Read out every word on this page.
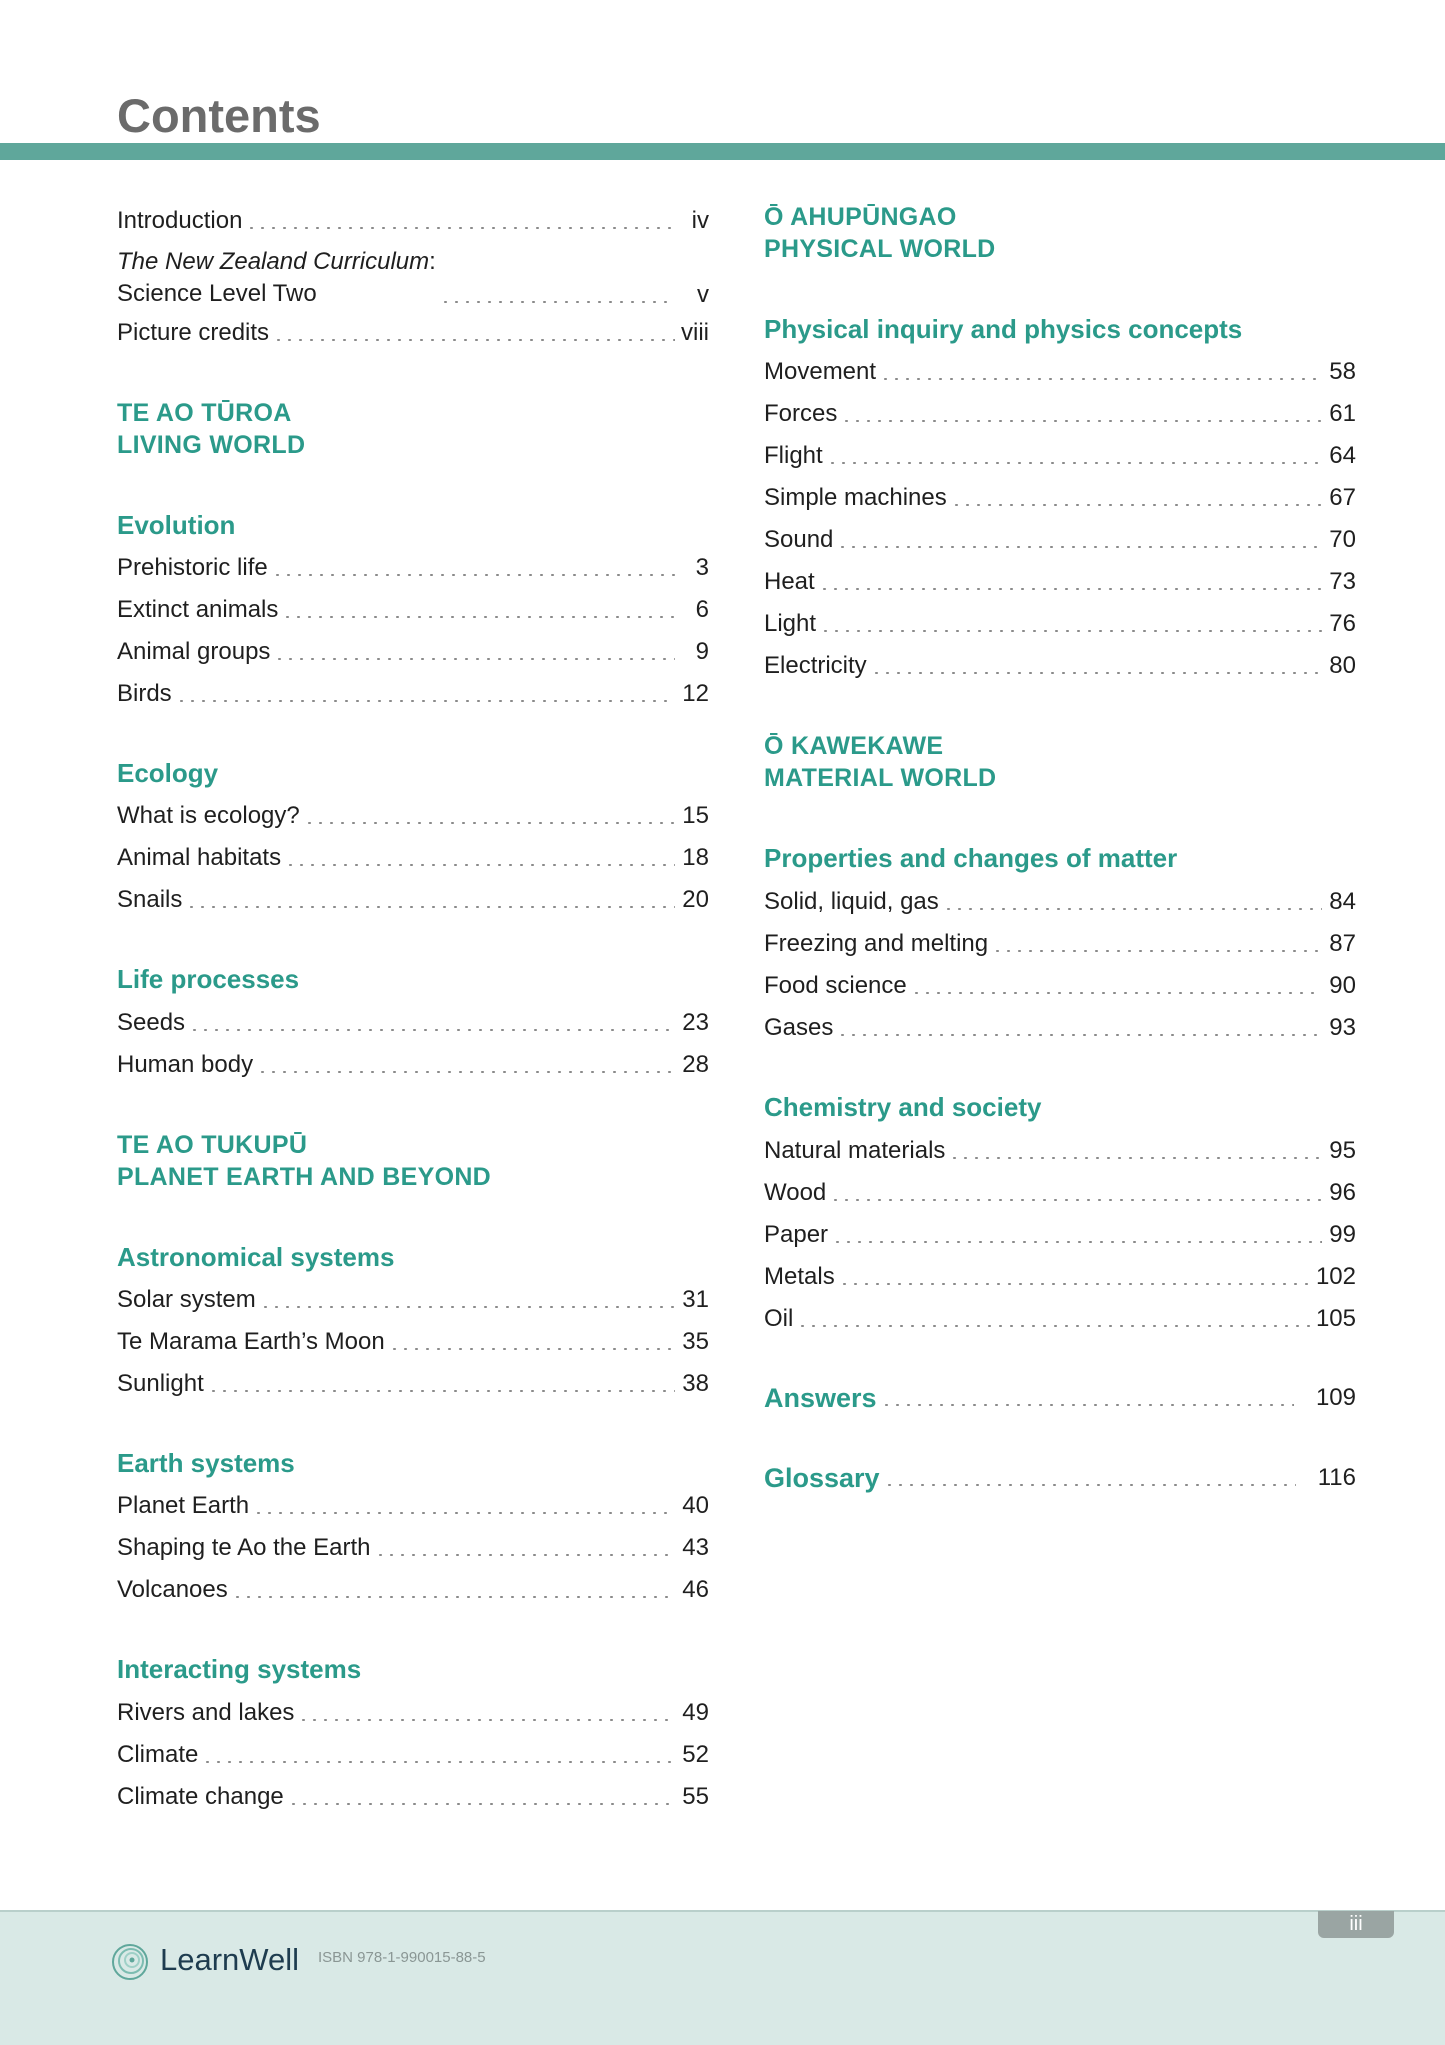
Contents
Introduction	iv
The New Zealand Curriculum:
Science Level Two	v
Picture credits	viii
TE AO TŪROA
LIVING WORLD
Evolution
Prehistoric life	3
Extinct animals	6
Animal groups	9
Birds	12
Ecology
What is ecology?	15
Animal habitats	18
Snails	20
Life processes
Seeds	23
Human body	28
TE AO TUKUPŪ
PLANET EARTH AND BEYOND
Astronomical systems
Solar system	31
Te Marama Earth’s Moon	35
Sunlight	38
Earth systems
Planet Earth	40
Shaping te Ao the Earth	43
Volcanoes	46
Interacting systems
Rivers and lakes	49
Climate	52
Climate change	55
Ō AHUPŪNGAO
PHYSICAL WORLD
Physical inquiry and physics concepts
Movement	58
Forces	61
Flight	64
Simple machines	67
Sound	70
Heat	73
Light	76
Electricity	80
Ō KAWEKAWE
MATERIAL WORLD
Properties and changes of matter
Solid, liquid, gas	84
Freezing and melting	87
Food science	90
Gases	93
Chemistry and society
Natural materials	95
Wood	96
Paper	99
Metals	102
Oil	105
Answers	109
Glossary	116
iii
LearnWell ISBN 978-1-990015-88-5
